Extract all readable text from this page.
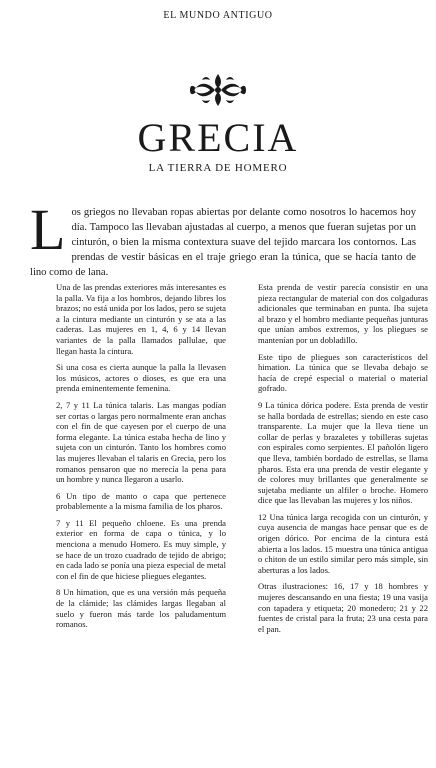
EL MUNDO ANTIGUO
GRECIA
LA TIERRA DE HOMERO
L os griegos no llevaban ropas abiertas por delante como nosotros lo hacemos hoy día. Tampoco las llevaban ajustadas al cuerpo, a menos que fueran sujetas por un cinturón, o bien la misma contextura suave del tejido marcara los contornos. Las prendas de vestir básicas en el traje griego eran la túnica, que se hacía tanto de lino como de lana.

Una de las prendas exteriores más interesantes es la palla. Va fija a los hombros, dejando libres los brazos; no está unida por los lados, pero se sujeta a la cintura mediante un cinturón y se ata a las caderas. Las mujeres en 1, 4, 6 y 14 llevan variantes de la palla llamados pallulae, que llegan hasta la cintura.

Si una cosa es cierta aunque la palla la llevasen los músicos, actores o dioses, es que era una prenda eminentemente femenina.

2, 7 y 11 La túnica talaris. Las mangas podían ser cortas o largas pero normalmente eran anchas con el fin de que cayesen por el cuerpo de una forma elegante. La túnica estaba hecha de lino y sujeta con un cinturón. Tanto los hombres como las mujeres llevaban el talaris en Grecia, pero los romanos pensaron que no merecía la pena para un hombre y nunca llegaron a usarlo.

6 Un tipo de manto o capa que pertenece probablemente a la misma familia de los pharos.

7 y 11 El pequeño chloene. Es una prenda exterior en forma de capa o túnica, y lo menciona a menudo Homero. Es muy simple, y se hace de un trozo cuadrado de tejido de abrigo; en cada lado se ponía una pieza especial de metal con el fin de que hiciese pliegues elegantes.

8 Un himation, que es una versión más pequeña de la clámide; las clámides largas llegaban al suelo y fueron más tarde los paludamentum romanos.

Esta prenda de vestir parecía consistir en una pieza rectangular de material con dos colgaduras adicionales que terminaban en punta. Iba sujeta al brazo y el hombro mediante pequeñas junturas que unían ambos extremos, y los pliegues se mantenían por un dobladillo.

Este tipo de pliegues son característicos del himation. La túnica que se llevaba debajo se hacía de crepé especial o material o material gofrado.

9 La túnica dórica podere. Esta prenda de vestir se halla bordada de estrellas; siendo en este caso transparente. La mujer que la lleva tiene un collar de perlas y brazaletes y tobilleras sujetas con espirales como serpientes. El pañolón ligero que lleva, también bordado de estrellas, se llama pharos. Esta era una prenda de vestir elegante y de colores muy brillantes que generalmente se sujetaba mediante un alfiler o broche. Homero dice que las llevaban las mujeres y los niños.

12 Una túnica larga recogida con un cinturón, y cuya ausencia de mangas hace pensar que es de origen dórico. Por encima de la cintura está abierta a los lados. 15 muestra una túnica antigua o chiton de un estilo similar pero más simple, sin aberturas a los lados.

Otras ilustraciones: 16, 17 y 18 hombres y mujeres descansando en una fiesta; 19 una vasija con tapadera y etiqueta; 20 monedero; 21 y 22 fuentes de cristal para la fruta; 23 una cesta para el pan.
